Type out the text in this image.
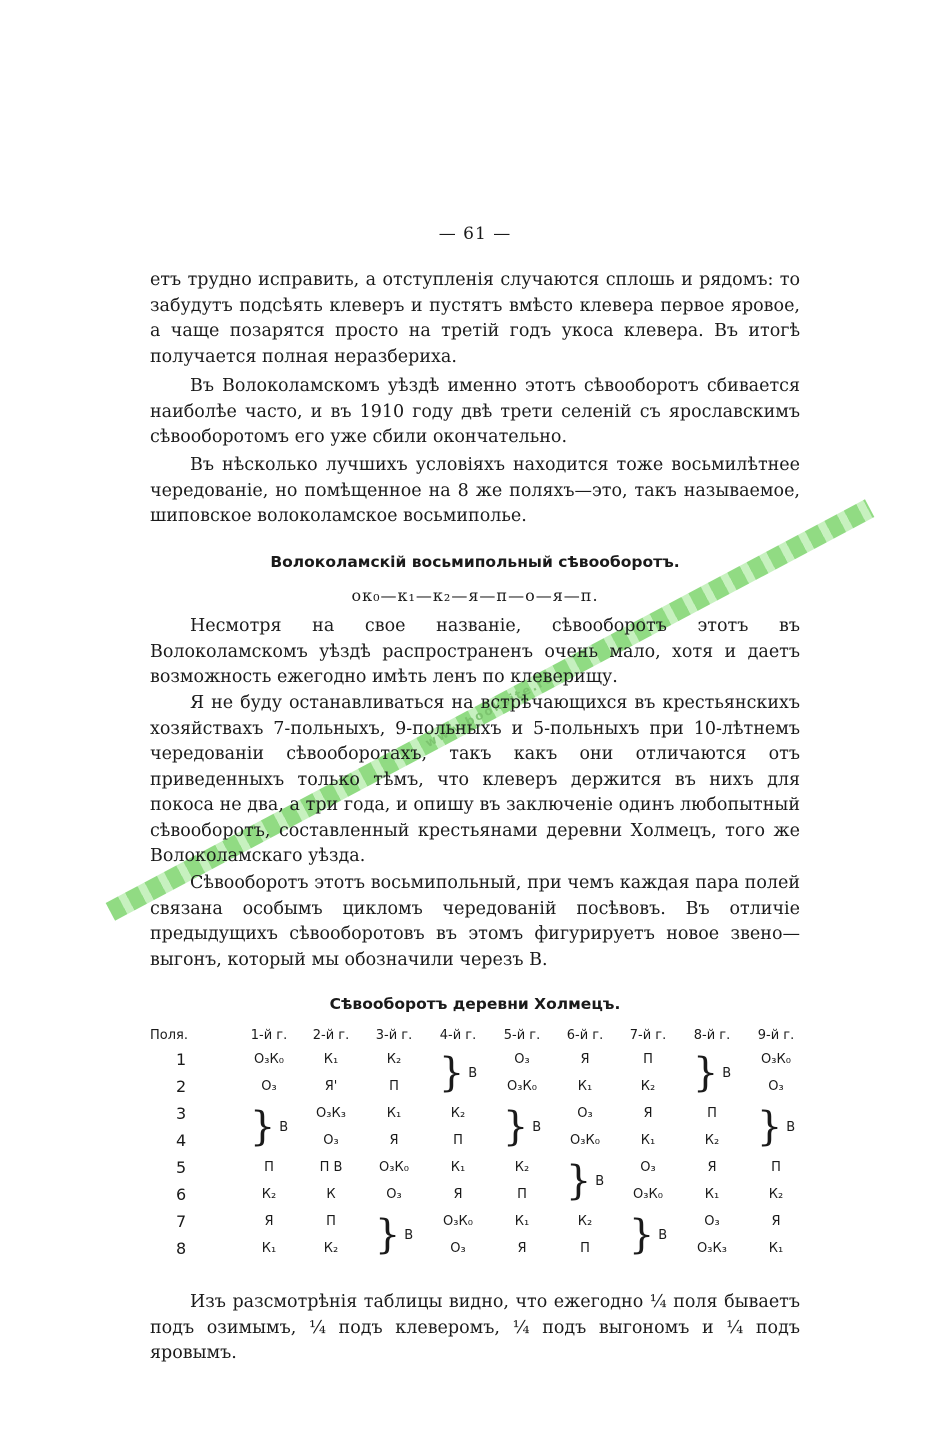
www.booksite.ru
— 61 —
етъ трудно исправить, а отступленія случаются сплошь и рядомъ: то забудутъ подсѣять клеверъ и пустятъ вмѣсто клевера первое яровое, а чаще позарятся просто на третій годъ укоса клевера. Въ итогѣ получается полная неразбериха.
Въ Волоколамскомъ уѣздѣ именно этотъ сѣвооборотъ сбивается наиболѣе часто, и въ 1910 году двѣ трети селеній съ ярославскимъ сѣвооборотомъ его уже сбили окончательно.
Въ нѣсколько лучшихъ условіяхъ находится тоже восьмилѣтнее чередованіе, но помѣщенное на 8 же поляхъ—это, такъ называемое, шиповское волоколамское восьмиполье.
Волоколамскій восьмипольный сѣвооборотъ.
ок₀—к₁—к₂—я—п—о—я—п.
Несмотря на свое названіе, сѣвооборотъ этотъ въ Волоколамскомъ уѣздѣ распространенъ очень мало, хотя и даетъ возможность ежегодно имѣть ленъ по клеверищу.
Я не буду останавливаться на встрѣчающихся въ крестьянскихъ хозяйствахъ 7-польныхъ, 9-польныхъ и 5-польныхъ при 10-лѣтнемъ чередованіи сѣвооборотахъ, такъ какъ они отличаются отъ приведенныхъ только тѣмъ, что клеверъ держится въ нихъ для покоса не два, а три года, и опишу въ заключеніе одинъ любопытный сѣвооборотъ, составленный крестьянами деревни Холмецъ, того же Волоколамскаго уѣзда.
Сѣвооборотъ этотъ восьмипольный, при чемъ каждая пара полей связана особымъ цикломъ чередованій посѣвовъ. Въ отличіе предыдущихъ сѣвооборотовъ въ этомъ фигурируетъ новое звено—выгонъ, который мы обозначили черезъ В.
Сѣвооборотъ деревни Холмецъ.
Поля.	1-й г.	2-й г.	3-й г.	4-й г.	5-й г.	6-й г.	7-й г.	8-й г.	9-й г.
1	О₃К₀	К₁	К₂	} В	О₃	Я	П	} В	О₃К₀
2	О₃	Я'	П		О₃К₀	К₁	К₂		О₃
3	} В	О₃К₃	К₁	К₂	} В	О₃	Я	П	} В

4		О₃	Я	П		О₃К₀	К₁	К₂	
5	П	П В	О₃К₀	К₁	К₂	} В	О₃	Я	П
6	К₂	К	О₃	Я	П		О₃К₀	К₁	К₂
7	Я	П	} В	О₃К₀	К₁	К₂	} В	О₃	Я
8	К₁	К₂		О₃	Я	П		О₃К₃	К₁
Изъ разсмотрѣнія таблицы видно, что ежегодно ¼ поля бываетъ подъ озимымъ, ¼ подъ клеверомъ, ¼ подъ выгономъ и ¼ подъ яровымъ.
